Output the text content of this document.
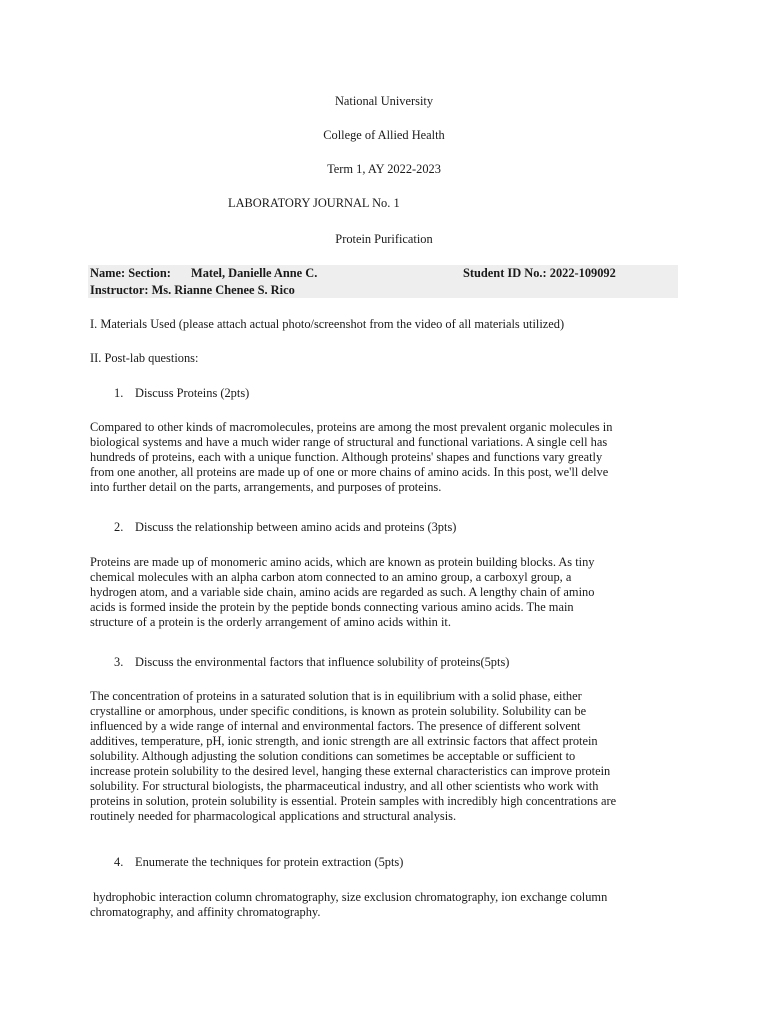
National University
College of Allied Health
Term 1, AY 2022-2023
LABORATORY JOURNAL No. 1
Protein Purification
Name: Section: Matel, Danielle Anne C.	Student ID No.: 2022-109092
Instructor: Ms. Rianne Chenee S. Rico
I. Materials Used (please attach actual photo/screenshot from the video of all materials utilized)
II. Post-lab questions:
1. Discuss Proteins (2pts)
Compared to other kinds of macromolecules, proteins are among the most prevalent organic molecules in
biological systems and have a much wider range of structural and functional variations. A single cell has
hundreds of proteins, each with a unique function. Although proteins' shapes and functions vary greatly
from one another, all proteins are made up of one or more chains of amino acids. In this post, we'll delve
into further detail on the parts, arrangements, and purposes of proteins.
2. Discuss the relationship between amino acids and proteins (3pts)
Proteins are made up of monomeric amino acids, which are known as protein building blocks. As tiny
chemical molecules with an alpha carbon atom connected to an amino group, a carboxyl group, a
hydrogen atom, and a variable side chain, amino acids are regarded as such. A lengthy chain of amino
acids is formed inside the protein by the peptide bonds connecting various amino acids. The main
structure of a protein is the orderly arrangement of amino acids within it.
3. Discuss the environmental factors that influence solubility of proteins(5pts)
The concentration of proteins in a saturated solution that is in equilibrium with a solid phase, either
crystalline or amorphous, under specific conditions, is known as protein solubility. Solubility can be
influenced by a wide range of internal and environmental factors. The presence of different solvent
additives, temperature, pH, ionic strength, and ionic strength are all extrinsic factors that affect protein
solubility. Although adjusting the solution conditions can sometimes be acceptable or sufficient to
increase protein solubility to the desired level, hanging these external characteristics can improve protein
solubility. For structural biologists, the pharmaceutical industry, and all other scientists who work with
proteins in solution, protein solubility is essential. Protein samples with incredibly high concentrations are
routinely needed for pharmacological applications and structural analysis.
4. Enumerate the techniques for protein extraction (5pts)
hydrophobic interaction column chromatography, size exclusion chromatography, ion exchange column
chromatography, and affinity chromatography.
